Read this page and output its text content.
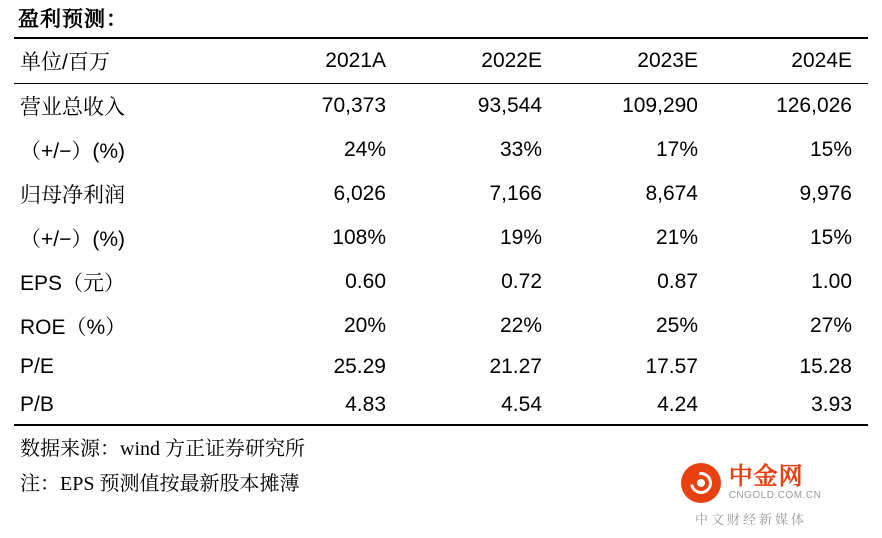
盈利预测：
单位/百万	2021A	2022E	2023E	2024E
营业总收入	70,373	93,544	109,290	126,026
（+/−）(%)	24%	33%	17%	15%
归母净利润	6,026	7,166	8,674	9,976
（+/−）(%)	108%	19%	21%	15%
EPS（元）	0.60	0.72	0.87	1.00
ROE（%）	20%	22%	25%	27%
P/E	25.29	21.27	17.57	15.28
P/B	4.83	4.54	4.24	3.93
数据来源：wind 方正证券研究所
注：EPS 预测值按最新股本摊薄	中金网
CNGOLD.COM.CN
中文财经新媒体
